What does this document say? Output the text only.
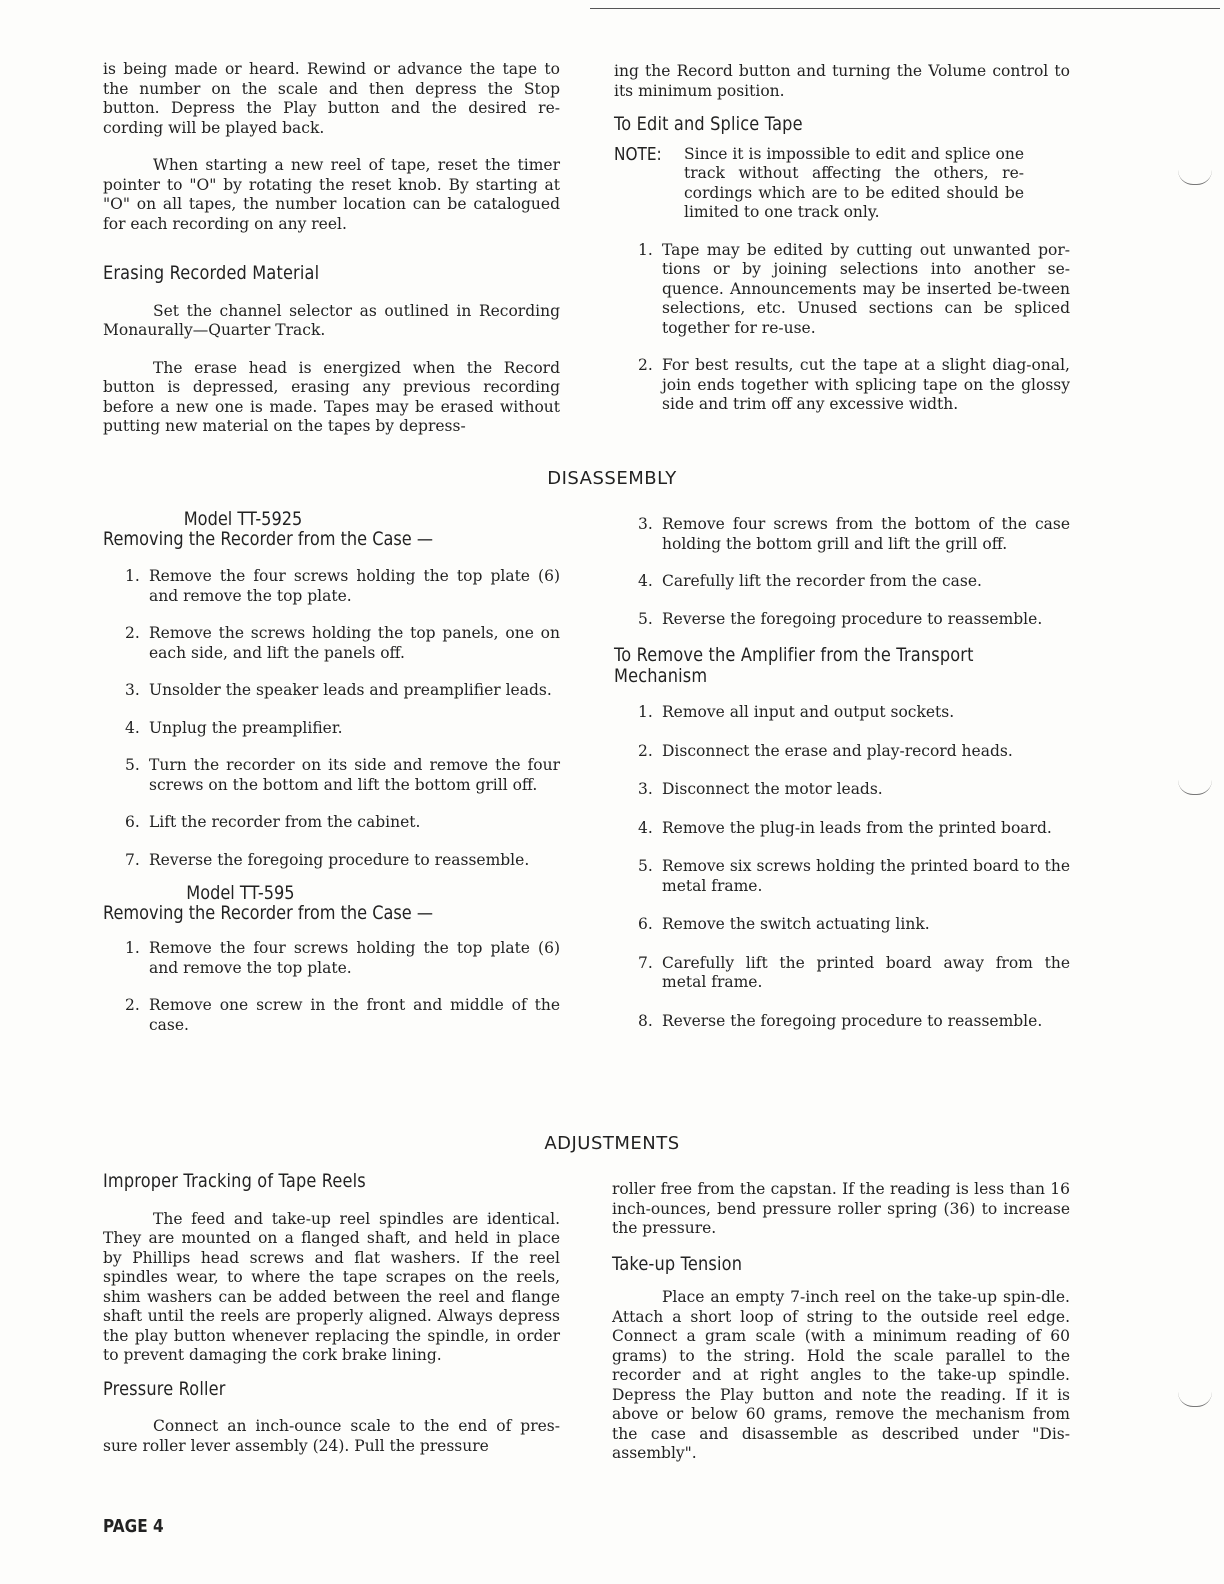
is being made or heard. Rewind or advance the tape to the number on the scale and then depress the Stop button. Depress the Play button and the desired re-cording will be played back.

When starting a new reel of tape, reset the timer pointer to "O" by rotating the reset knob. By starting at "O" on all tapes, the number location can be catalogued for each recording on any reel.

Erasing Recorded Material

Set the channel selector as outlined in Recording Monaurally—Quarter Track.

The erase head is energized when the Record button is depressed, erasing any previous recording before a new one is made. Tapes may be erased without putting new material on the tapes by depress-

ing the Record button and turning the Volume control to its minimum position.

To Edit and Splice Tape
NOTE:	Since it is impossible to edit and splice one track without affecting the others, re-cordings which are to be edited should be limited to one track only.
1. Tape may be edited by cutting out unwanted por-tions or by joining selections into another se-quence. Announcements may be inserted be-tween selections, etc. Unused sections can be spliced together for re-use.
2. For best results, cut the tape at a slight diag-onal, join ends together with splicing tape on the glossy side and trim off any excessive width.
DISASSEMBLY
Model TT-5925
Removing the Recorder from the Case —
1. Remove the four screws holding the top plate (6) and remove the top plate.
2. Remove the screws holding the top panels, one on each side, and lift the panels off.
3. Unsolder the speaker leads and preamplifier leads.
4. Unplug the preamplifier.
5. Turn the recorder on its side and remove the four screws on the bottom and lift the bottom grill off.
6. Lift the recorder from the cabinet.
7. Reverse the foregoing procedure to reassemble.
Model TT-595
Removing the Recorder from the Case —
1. Remove the four screws holding the top plate (6) and remove the top plate.
2. Remove one screw in the front and middle of the case.
3. Remove four screws from the bottom of the case holding the bottom grill and lift the grill off.
4. Carefully lift the recorder from the case.
5. Reverse the foregoing procedure to reassemble.
To Remove the Amplifier from the Transport Mechanism
1. Remove all input and output sockets.
2. Disconnect the erase and play-record heads.
3. Disconnect the motor leads.
4. Remove the plug-in leads from the printed board.
5. Remove six screws holding the printed board to the metal frame.
6. Remove the switch actuating link.
7. Carefully lift the printed board away from the metal frame.
8. Reverse the foregoing procedure to reassemble.
ADJUSTMENTS
Improper Tracking of Tape Reels

The feed and take-up reel spindles are identical. They are mounted on a flanged shaft, and held in place by Phillips head screws and flat washers. If the reel spindles wear, to where the tape scrapes on the reels, shim washers can be added between the reel and flange shaft until the reels are properly aligned. Always depress the play button whenever replacing the spindle, in order to prevent damaging the cork brake lining.

Pressure Roller

Connect an inch-ounce scale to the end of pres-sure roller lever assembly (24). Pull the pressure

roller free from the capstan. If the reading is less than 16 inch-ounces, bend pressure roller spring (36) to increase the pressure.

Take-up Tension

Place an empty 7-inch reel on the take-up spin-dle. Attach a short loop of string to the outside reel edge. Connect a gram scale (with a minimum reading of 60 grams) to the string. Hold the scale parallel to the recorder and at right angles to the take-up spindle. Depress the Play button and note the reading. If it is above or below 60 grams, remove the mechanism from the case and disassemble as described under "Dis-assembly".

PAGE 4
